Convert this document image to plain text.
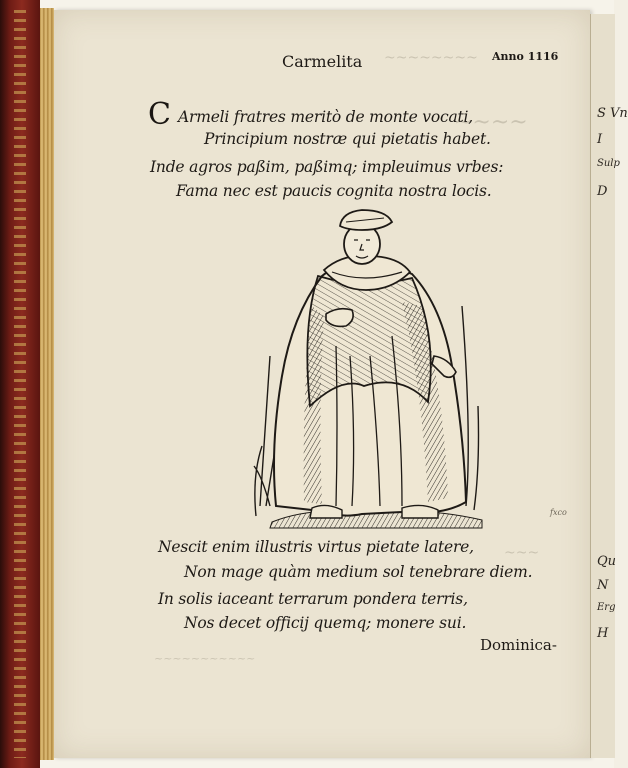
~~~~~~~~
~~~~
~~~
~~~~~~~~~~~
S Vn
I
Sulp
D
Qu
N
Erg
H
Carmelita	Anno 1116
C Armeli fratres meritò de monte vocati,
Principium nostræ qui pietatis habet.
Inde agros paßim, paßimq; impleuimus vrbes:
Fama nec est paucis cognita nostra locis.
Nescit enim illustris virtus pietate latere,
Non mage quàm medium sol tenebrare diem.
In solis iaceant terrarum pondera terris,
Nos decet officij quemq; monere sui.
Dominica-
fxco
